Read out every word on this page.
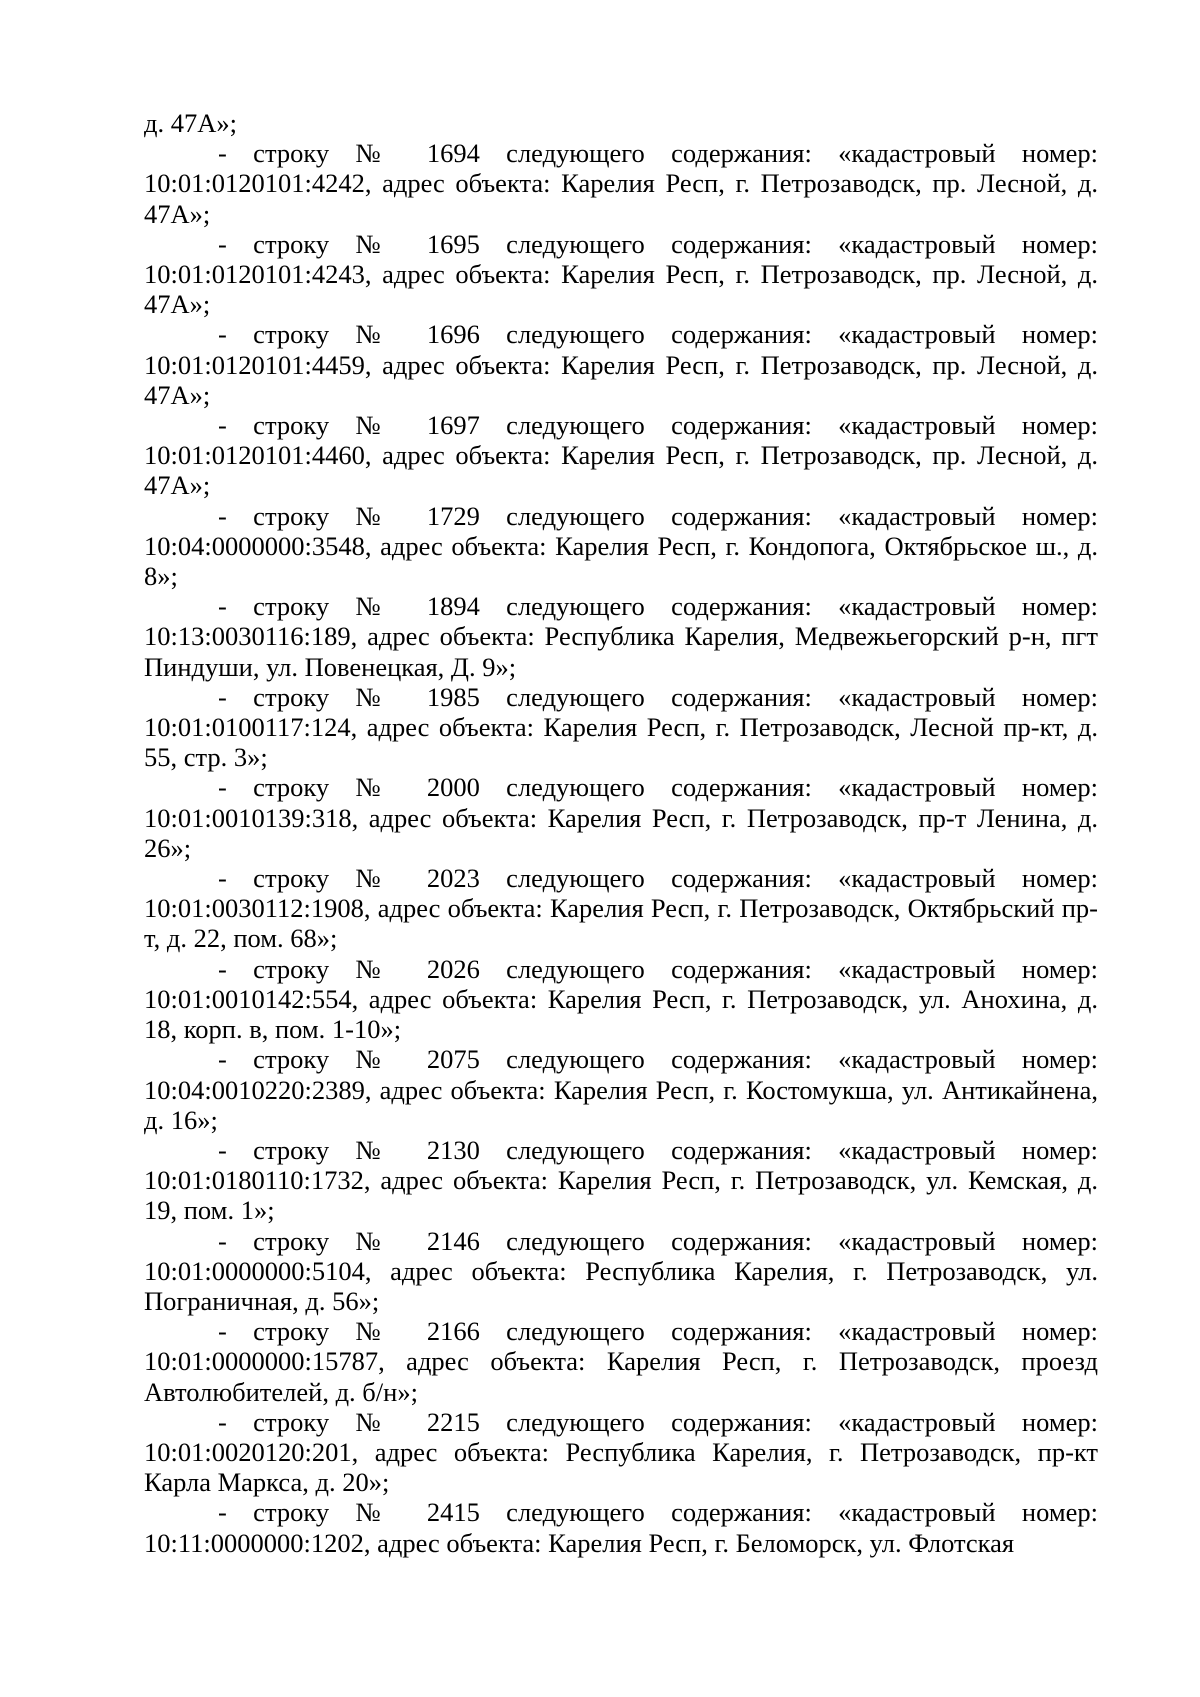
д. 47А»;
- строку № 1694 следующего содержания: «кадастровый номер: 10:01:0120101:4242, адрес объекта: Карелия Респ, г. Петрозаводск, пр. Лесной, д. 47А»;
- строку № 1695 следующего содержания: «кадастровый номер: 10:01:0120101:4243, адрес объекта: Карелия Респ, г. Петрозаводск, пр. Лесной, д. 47А»;
- строку № 1696 следующего содержания: «кадастровый номер: 10:01:0120101:4459, адрес объекта: Карелия Респ, г. Петрозаводск, пр. Лесной, д. 47А»;
- строку № 1697 следующего содержания: «кадастровый номер: 10:01:0120101:4460, адрес объекта: Карелия Респ, г. Петрозаводск, пр. Лесной, д. 47А»;
- строку № 1729 следующего содержания: «кадастровый номер: 10:04:0000000:3548, адрес объекта: Карелия Респ, г. Кондопога, Октябрьское ш., д. 8»;
- строку № 1894 следующего содержания: «кадастровый номер: 10:13:0030116:189, адрес объекта: Республика Карелия, Медвежьегорский р-н, пгт Пиндуши, ул. Повенецкая, Д. 9»;
- строку № 1985 следующего содержания: «кадастровый номер: 10:01:0100117:124, адрес объекта: Карелия Респ, г. Петрозаводск, Лесной пр-кт, д. 55, стр. 3»;
- строку № 2000 следующего содержания: «кадастровый номер: 10:01:0010139:318, адрес объекта: Карелия Респ, г. Петрозаводск, пр-т Ленина, д. 26»;
- строку № 2023 следующего содержания: «кадастровый номер: 10:01:0030112:1908, адрес объекта: Карелия Респ, г. Петрозаводск, Октябрьский пр-т, д. 22, пом. 68»;
- строку № 2026 следующего содержания: «кадастровый номер: 10:01:0010142:554, адрес объекта: Карелия Респ, г. Петрозаводск, ул. Анохина, д. 18, корп. в, пом. 1-10»;
- строку № 2075 следующего содержания: «кадастровый номер: 10:04:0010220:2389, адрес объекта: Карелия Респ, г. Костомукша, ул. Антикайнена, д. 16»;
- строку № 2130 следующего содержания: «кадастровый номер: 10:01:0180110:1732, адрес объекта: Карелия Респ, г. Петрозаводск, ул. Кемская, д. 19, пом. 1»;
- строку № 2146 следующего содержания: «кадастровый номер: 10:01:0000000:5104, адрес объекта: Республика Карелия, г. Петрозаводск, ул. Пограничная, д. 56»;
- строку № 2166 следующего содержания: «кадастровый номер: 10:01:0000000:15787, адрес объекта: Карелия Респ, г. Петрозаводск, проезд Автолюбителей, д. б/н»;
- строку № 2215 следующего содержания: «кадастровый номер: 10:01:0020120:201, адрес объекта: Республика Карелия, г. Петрозаводск, пр-кт Карла Маркса, д. 20»;
- строку № 2415 следующего содержания: «кадастровый номер: 10:11:0000000:1202, адрес объекта: Карелия Респ, г. Беломорск, ул. Флотская
